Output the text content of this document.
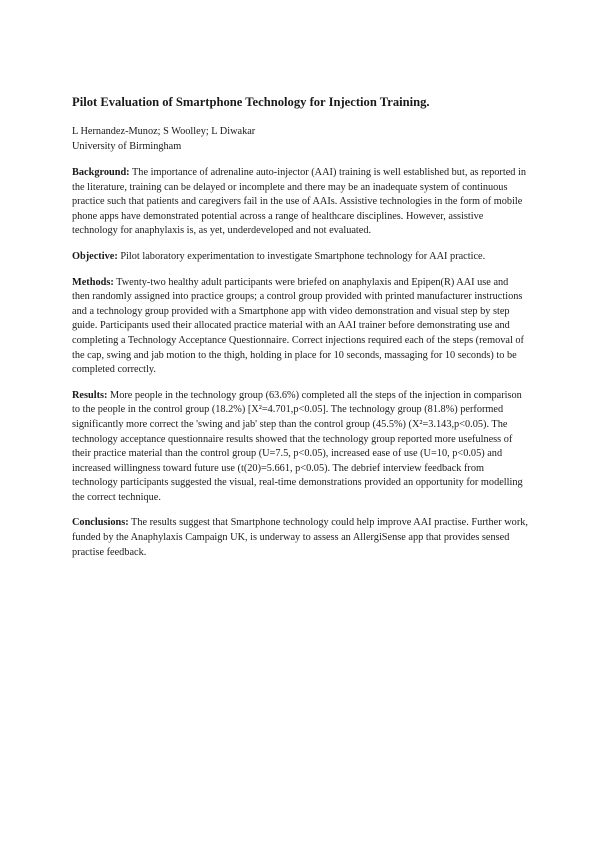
Pilot Evaluation of Smartphone Technology for Injection Training.

L Hernandez-Munoz; S Woolley; L Diwakar

University of Birmingham

Background: The importance of adrenaline auto-injector (AAI) training is well established but, as reported in the literature, training can be delayed or incomplete and there may be an inadequate system of continuous practice such that patients and caregivers fail in the use of AAIs. Assistive technologies in the form of mobile phone apps have demonstrated potential across a range of healthcare disciplines. However, assistive technology for anaphylaxis is, as yet, underdeveloped and not evaluated.

Objective: Pilot laboratory experimentation to investigate Smartphone technology for AAI practice.

Methods: Twenty-two healthy adult participants were briefed on anaphylaxis and Epipen(R) AAI use and then randomly assigned into practice groups; a control group provided with printed manufacturer instructions and a technology group provided with a Smartphone app with video demonstration and visual step by step guide. Participants used their allocated practice material with an AAI trainer before demonstrating use and completing a Technology Acceptance Questionnaire. Correct injections required each of the steps (removal of the cap, swing and jab motion to the thigh, holding in place for 10 seconds, massaging for 10 seconds) to be completed correctly.

Results: More people in the technology group (63.6%) completed all the steps of the injection in comparison to the people in the control group (18.2%) [X²=4.701,p<0.05]. The technology group (81.8%) performed significantly more correct the 'swing and jab' step than the control group (45.5%) (X²=3.143,p<0.05). The technology acceptance questionnaire results showed that the technology group reported more usefulness of their practice material than the control group (U=7.5, p<0.05), increased ease of use (U=10, p<0.05) and increased willingness toward future use (t(20)=5.661, p<0.05). The debrief interview feedback from technology participants suggested the visual, real-time demonstrations provided an opportunity for modelling the correct technique.

Conclusions: The results suggest that Smartphone technology could help improve AAI practise. Further work, funded by the Anaphylaxis Campaign UK, is underway to assess an AllergiSense app that provides sensed practise feedback.
